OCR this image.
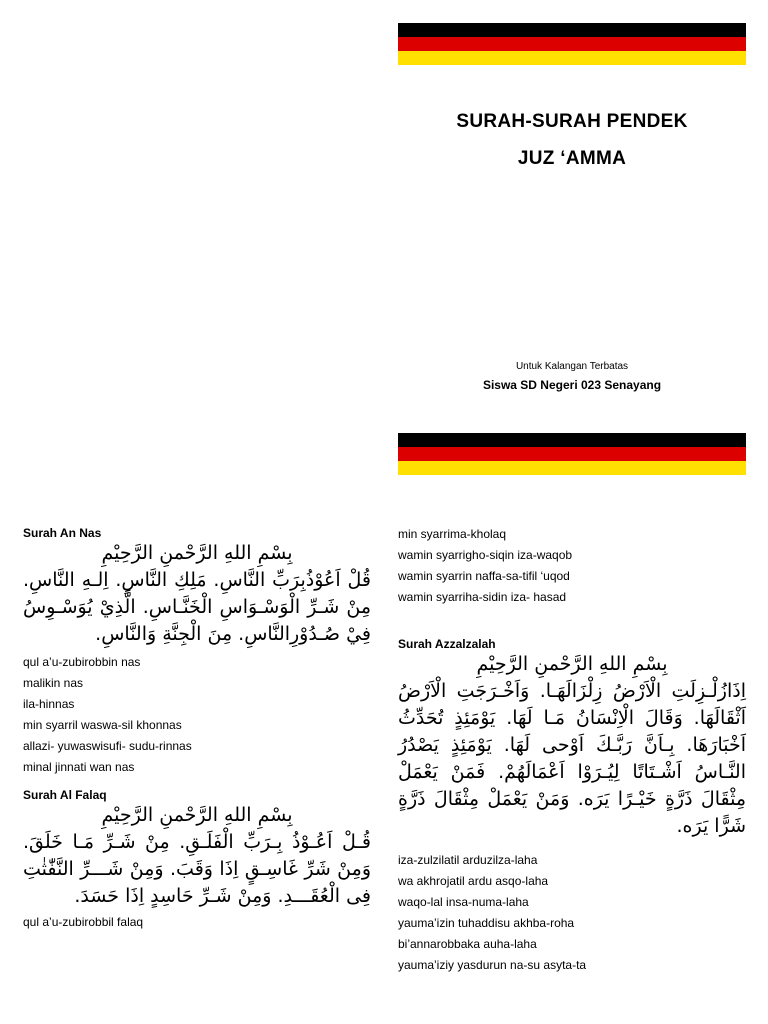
SURAH-SURAH PENDEK
JUZ ‘AMMA
Untuk Kalangan Terbatas
Siswa SD Negeri 023 Senayang

Surah An Nas

بِسْمِ اللهِ الرَّحْمنِ الرَّحِيْمِ
قُلْ اَعُوْذُبِرَبِّ النَّاسِ. مَلِكِ النَّاسِ. اِلـهِ النَّاسِ. مِنْ شَـرِّ الْوَسْـوَاسِ الْخَنَّـاسِ. الَّذِيْ يُوَسْـوِسُ فِيْ صُـدُوْرِالنَّاسِ. مِنَ الْجِنَّةِ وَالنَّاسِ.
qul a’u-zubirobbin nas
malikin nas
ila-hinnas
min syarril waswa-sil khonnas
allazi- yuwaswisufi- sudu-rinnas
minal jinnati wan nas

Surah Al Falaq

بِسْمِ اللهِ الرَّحْمنِ الرَّحِيْمِ
قُـلْ اَعُـوْذُ بِـرَبِّ الْفَلَـقِ. مِنْ شَـرِّ مَـا خَلَقَ. وَمِنْ شَرِّ غَاسِـقٍ اِذَا وَقَبَ. وَمِنْ شَـــرِّ النَّفّٰثٰتِ فِى الْعُقَـــدِ. وَمِنْ شَـرِّ حَاسِدٍ اِذَا حَسَدَ.
qul a’u-zubirobbil falaq
min syarrima-kholaq
wamin syarrigho-siqin iza-waqob
wamin syarrin naffa-sa-tifil ‘uqod
wamin syarriha-sidin iza- hasad

Surah Azzalzalah

بِسْمِ اللهِ الرَّحْمنِ الرَّحِيْمِ
اِذَازُلْـزِلَتِ الْاَرْضُ زِلْزَالَهَـا. وَاَخْـرَجَتِ الْاَرْضُ اَثْقَالَهَا. وَقَالَ الْاِنْسَانُ مَـا لَهَا. يَوْمَئِذٍ تُحَدِّثُ اَخْبَارَهَا. بِـاَنَّ رَبَّـكَ اَوْحى لَهَا. يَوْمَئِذٍ يَصْدُرُ النَّـاسُ اَشْـتَاتًا لِيُـرَوْا اَعْمَالَهُمْ. فَمَنْ يَعْمَلْ مِثْقَالَ ذَرَّةٍ خَيْـرًا يَرَه. وَمَنْ يَعْمَلْ مِثْقَالَ ذَرَّةٍ شَرًّا يَرَه.
iza-zulzilatil arduzilza-laha
wa akhrojatil ardu asqo-laha
waqo-lal insa-numa-laha
yauma’izin tuhaddisu akhba-roha
bi’annarobbaka auha-laha
yauma’iziy yasdurun na-su asyta-ta
